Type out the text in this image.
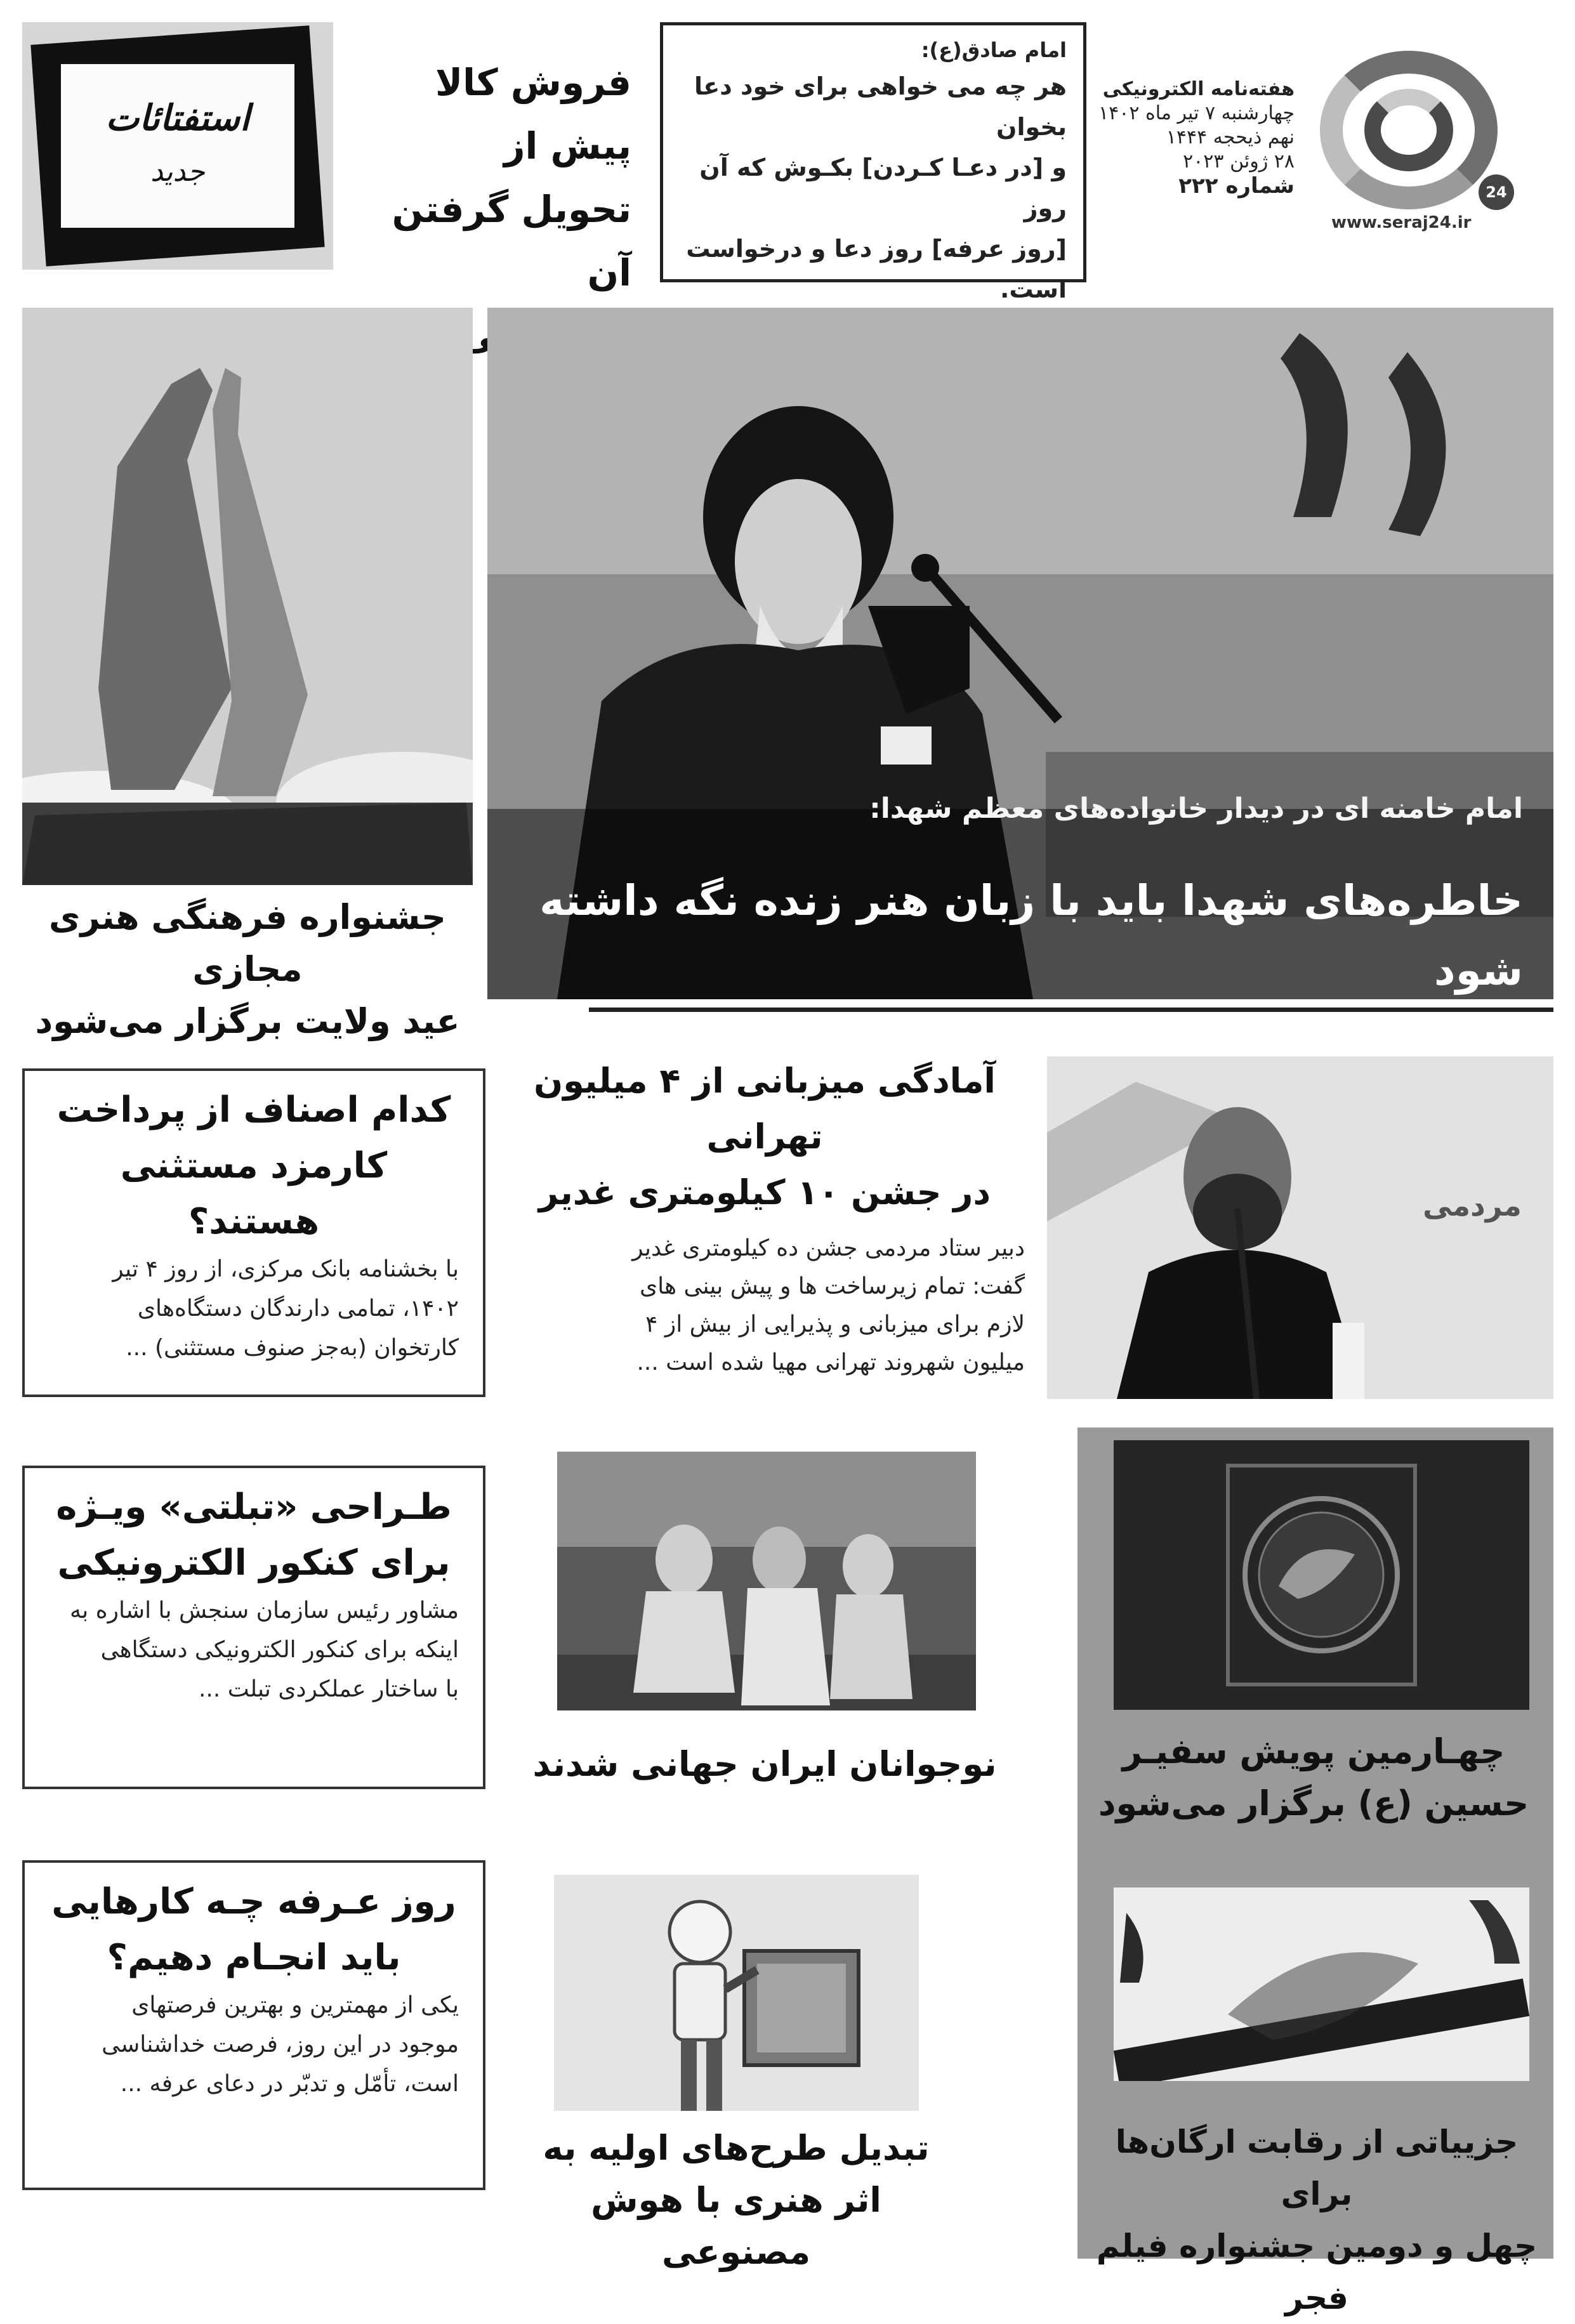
24
www.seraj24.ir
هفته‌نامه الکترونیکی
چهارشنبه ۷ تیر ماه ۱۴۰۲
نهم ذیحجه ۱۴۴۴
۲۸ ژوئن ۲۰۲۳
شماره ۲۲۲
امام صادق(ع):
هر چه می خواهی برای خود دعا بخوان
و [در دعـا کـردن] بکـوش که آن روز
[روز عرفه] روز دعا و درخواست است.
فروش کالا پیش از
تحویل گرفتن آن
استفتائات
جدید
جشنواره فرهنگی هنری مجازی
عید ولایت برگزار می‌شود
امام خامنه ای در دیدار خانواده‌های معظم شهدا:
خاطره‌های شهدا باید با زبان هنر زنده نگه داشته شود
کدام اصناف از پرداخت
کارمزد مستثنی هستند؟
با بخشنامه بانک مرکزی، از روز ۴ تیر
۱۴۰۲، تمامی دارندگان دستگاه‌های
کارتخوان (به‌جز صنوف مستثنی) ...
آمادگی میزبانی از ۴ میلیون تهرانی
در جشن ۱۰ کیلومتری غدیر
دبیر ستاد مردمی جشن ده کیلومتری غدیر
گفت: تمام زیرساخت ها و پیش بینی های
لازم برای میزبانی و پذیرایی از بیش از ۴
میلیون شهروند تهرانی مهیا شده است ...
مردمی
طـراحی «تبلتی» ویـژه
برای کنکور الکترونیکی
مشاور رئیس سازمان سنجش با اشاره به
اینکه برای کنکور الکترونیکی دستگاهی
با ساختار عملکردی تبلت ...
نوجوانان ایران جهانی شدند	چهـارمین پویش سفیـر
حسین (ع) برگزار می‌شود
روز عـرفه چـه کارهایی
باید انجـام دهیم؟
یکی از مهمترین و بهترین فرصتهای
موجود در این روز، فرصت خداشناسی
است، تأمّل و تدبّر در دعای عرفه ...
تبدیل طرح‌های اولیه به
اثر هنری با هوش مصنوعی
جزییاتی از رقابت ارگان‌ها برای
چهل و دومین جشنواره فیلم فجر
